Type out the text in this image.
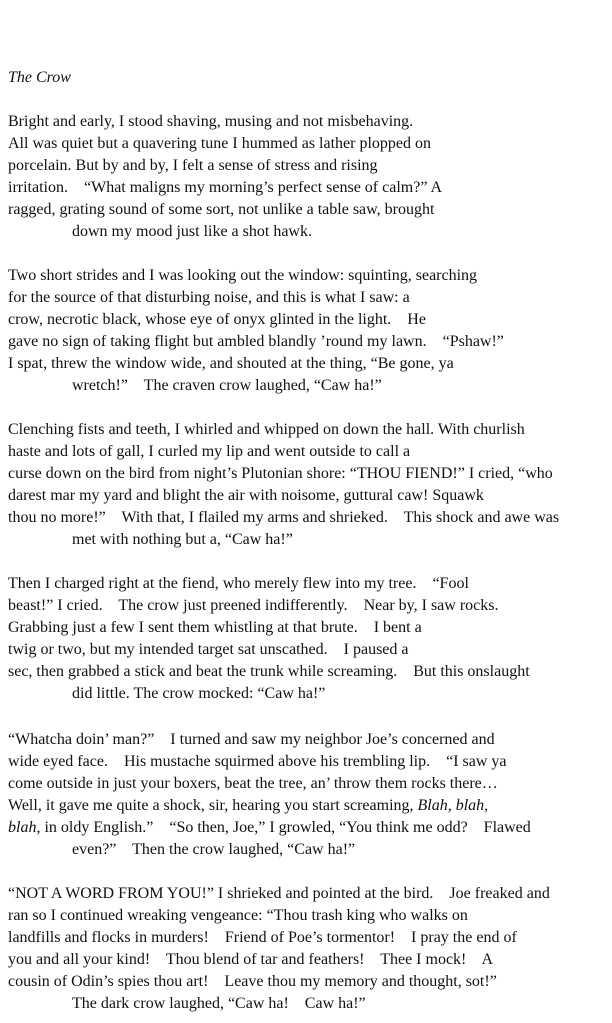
The Crow
Bright and early, I stood shaving, musing and not misbehaving.
All was quiet but a quavering tune I hummed as lather plopped on
porcelain. But by and by, I felt a sense of stress and rising
irritation.    “What maligns my morning’s perfect sense of calm?” A
ragged, grating sound of some sort, not unlike a table saw, brought
down my mood just like a shot hawk.
Two short strides and I was looking out the window: squinting, searching
for the source of that disturbing noise, and this is what I saw: a
crow, necrotic black, whose eye of onyx glinted in the light.    He
gave no sign of taking flight but ambled blandly ’round my lawn.    “Pshaw!”
I spat, threw the window wide, and shouted at the thing, “Be gone, ya
wretch!”    The craven crow laughed, “Caw ha!”
Clenching fists and teeth, I whirled and whipped on down the hall. With churlish
haste and lots of gall, I curled my lip and went outside to call a
curse down on the bird from night’s Plutonian shore: “THOU FIEND!” I cried, “who
darest mar my yard and blight the air with noisome, guttural caw! Squawk
thou no more!”    With that, I flailed my arms and shrieked.    This shock and awe was
met with nothing but a, “Caw ha!”
Then I charged right at the fiend, who merely flew into my tree.    “Fool
beast!” I cried.    The crow just preened indifferently.    Near by, I saw rocks.
Grabbing just a few I sent them whistling at that brute.    I bent a
twig or two, but my intended target sat unscathed.    I paused a
sec, then grabbed a stick and beat the trunk while screaming.    But this onslaught
did little. The crow mocked: “Caw ha!”
“Whatcha doin’ man?”    I turned and saw my neighbor Joe’s concerned and
wide eyed face.    His mustache squirmed above his trembling lip.    “I saw ya
come outside in just your boxers, beat the tree, an’ throw them rocks there…
Well, it gave me quite a shock, sir, hearing you start screaming, Blah, blah,
blah, in oldy English.”    “So then, Joe,” I growled, “You think me odd?    Flawed
even?”    Then the crow laughed, “Caw ha!”
“NOT A WORD FROM YOU!” I shrieked and pointed at the bird.    Joe freaked and
ran so I continued wreaking vengeance: “Thou trash king who walks on
landfills and flocks in murders!    Friend of Poe’s tormentor!    I pray the end of
you and all your kind!    Thou blend of tar and feathers!    Thee I mock!    A
cousin of Odin’s spies thou art!    Leave thou my memory and thought, sot!”
The dark crow laughed, “Caw ha!    Caw ha!”
